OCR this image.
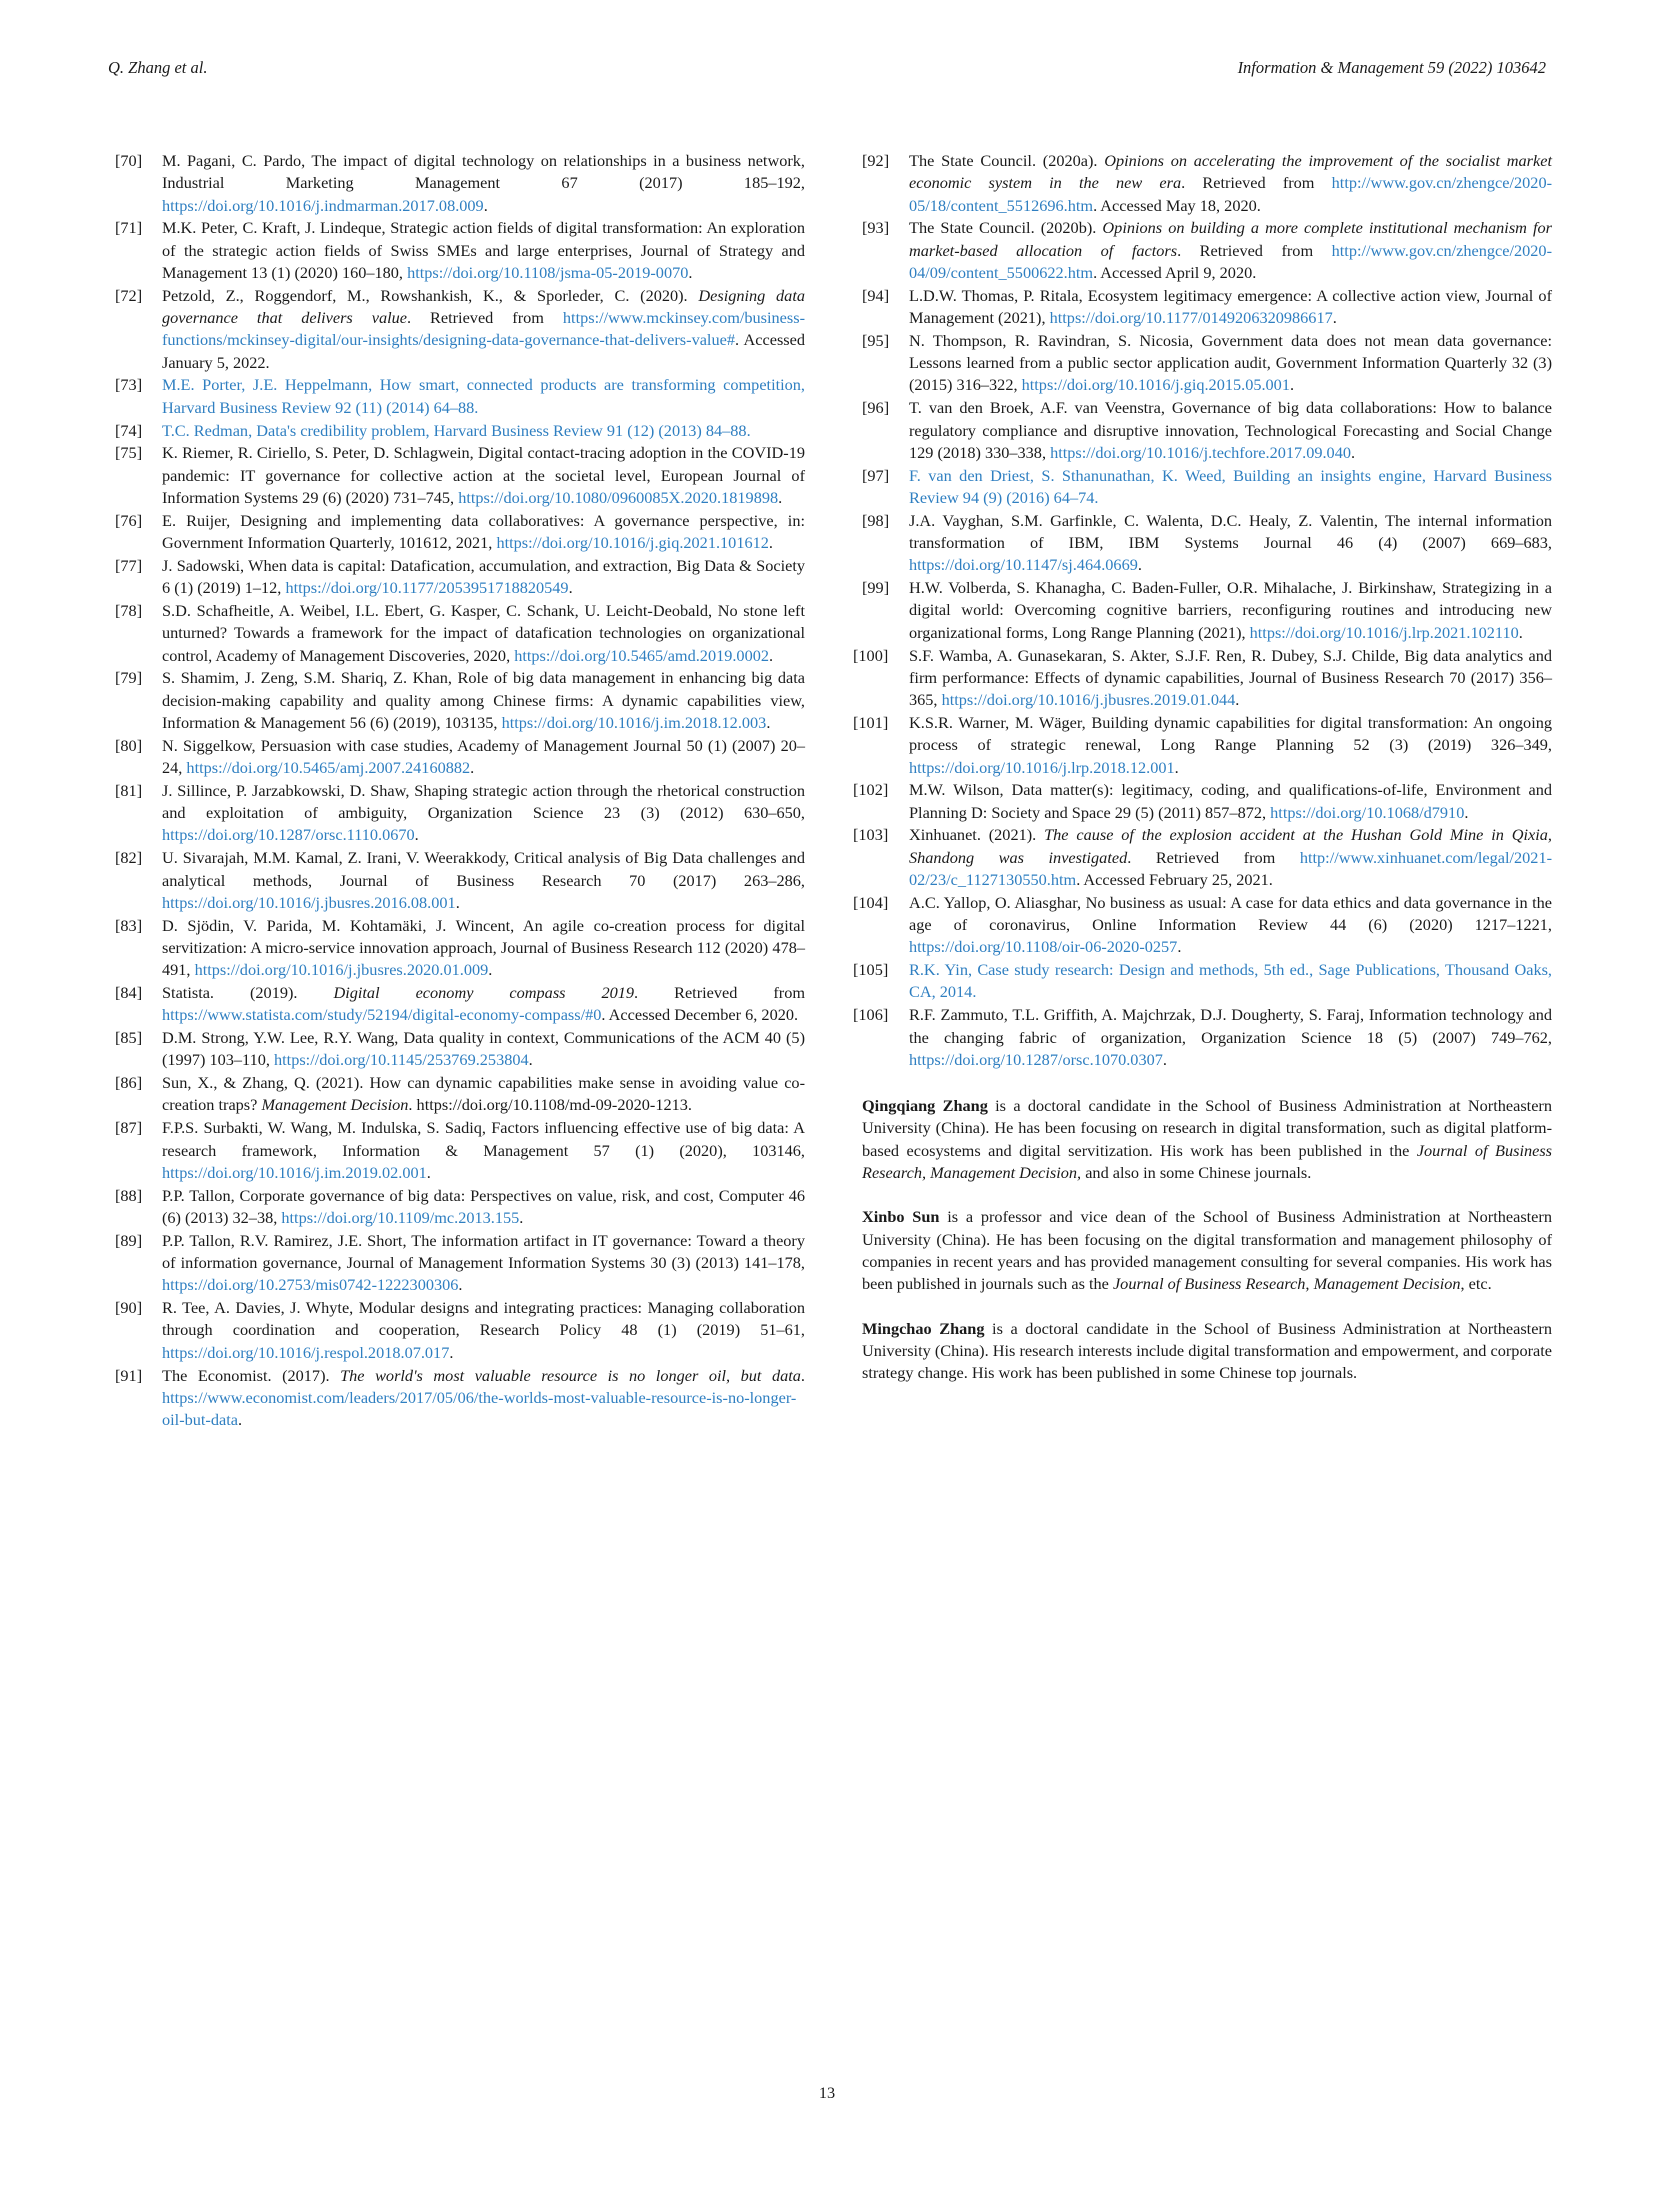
Q. Zhang et al.	Information & Management 59 (2022) 103642
[70] M. Pagani, C. Pardo, The impact of digital technology on relationships in a business network, Industrial Marketing Management 67 (2017) 185–192, https://doi.org/10.1016/j.indmarman.2017.08.009.
[71] M.K. Peter, C. Kraft, J. Lindeque, Strategic action fields of digital transformation: An exploration of the strategic action fields of Swiss SMEs and large enterprises, Journal of Strategy and Management 13 (1) (2020) 160–180, https://doi.org/10.1108/jsma-05-2019-0070.
[72] Petzold, Z., Roggendorf, M., Rowshankish, K., & Sporleder, C. (2020). Designing data governance that delivers value. Retrieved from https://www.mckinsey.com/business-functions/mckinsey-digital/our-insights/designing-data-governance-that-delivers-value#. Accessed January 5, 2022.
[73] M.E. Porter, J.E. Heppelmann, How smart, connected products are transforming competition, Harvard Business Review 92 (11) (2014) 64–88.
[74] T.C. Redman, Data's credibility problem, Harvard Business Review 91 (12) (2013) 84–88.
[75] K. Riemer, R. Ciriello, S. Peter, D. Schlagwein, Digital contact-tracing adoption in the COVID-19 pandemic: IT governance for collective action at the societal level, European Journal of Information Systems 29 (6) (2020) 731–745, https://doi.org/10.1080/0960085X.2020.1819898.
[76] E. Ruijer, Designing and implementing data collaboratives: A governance perspective, in: Government Information Quarterly, 101612, 2021, https://doi.org/10.1016/j.giq.2021.101612.
[77] J. Sadowski, When data is capital: Datafication, accumulation, and extraction, Big Data & Society 6 (1) (2019) 1–12, https://doi.org/10.1177/2053951718820549.
[78] S.D. Schafheitle, A. Weibel, I.L. Ebert, G. Kasper, C. Schank, U. Leicht-Deobald, No stone left unturned? Towards a framework for the impact of datafication technologies on organizational control, Academy of Management Discoveries, 2020, https://doi.org/10.5465/amd.2019.0002.
[79] S. Shamim, J. Zeng, S.M. Shariq, Z. Khan, Role of big data management in enhancing big data decision-making capability and quality among Chinese firms: A dynamic capabilities view, Information & Management 56 (6) (2019), 103135, https://doi.org/10.1016/j.im.2018.12.003.
[80] N. Siggelkow, Persuasion with case studies, Academy of Management Journal 50 (1) (2007) 20–24, https://doi.org/10.5465/amj.2007.24160882.
[81] J. Sillince, P. Jarzabkowski, D. Shaw, Shaping strategic action through the rhetorical construction and exploitation of ambiguity, Organization Science 23 (3) (2012) 630–650, https://doi.org/10.1287/orsc.1110.0670.
[82] U. Sivarajah, M.M. Kamal, Z. Irani, V. Weerakkody, Critical analysis of Big Data challenges and analytical methods, Journal of Business Research 70 (2017) 263–286, https://doi.org/10.1016/j.jbusres.2016.08.001.
[83] D. Sjödin, V. Parida, M. Kohtamäki, J. Wincent, An agile co-creation process for digital servitization: A micro-service innovation approach, Journal of Business Research 112 (2020) 478–491, https://doi.org/10.1016/j.jbusres.2020.01.009.
[84] Statista. (2019). Digital economy compass 2019. Retrieved from https://www.statista.com/study/52194/digital-economy-compass/#0. Accessed December 6, 2020.
[85] D.M. Strong, Y.W. Lee, R.Y. Wang, Data quality in context, Communications of the ACM 40 (5) (1997) 103–110, https://doi.org/10.1145/253769.253804.
[86] Sun, X., & Zhang, Q. (2021). How can dynamic capabilities make sense in avoiding value co-creation traps? Management Decision. https://doi.org/10.1108/md-09-2020-1213.
[87] F.P.S. Surbakti, W. Wang, M. Indulska, S. Sadiq, Factors influencing effective use of big data: A research framework, Information & Management 57 (1) (2020), 103146, https://doi.org/10.1016/j.im.2019.02.001.
[88] P.P. Tallon, Corporate governance of big data: Perspectives on value, risk, and cost, Computer 46 (6) (2013) 32–38, https://doi.org/10.1109/mc.2013.155.
[89] P.P. Tallon, R.V. Ramirez, J.E. Short, The information artifact in IT governance: Toward a theory of information governance, Journal of Management Information Systems 30 (3) (2013) 141–178, https://doi.org/10.2753/mis0742-1222300306.
[90] R. Tee, A. Davies, J. Whyte, Modular designs and integrating practices: Managing collaboration through coordination and cooperation, Research Policy 48 (1) (2019) 51–61, https://doi.org/10.1016/j.respol.2018.07.017.
[91] The Economist. (2017). The world's most valuable resource is no longer oil, but data. https://www.economist.com/leaders/2017/05/06/the-worlds-most-valuable-resource-is-no-longer-oil-but-data.
[92] The State Council. (2020a). Opinions on accelerating the improvement of the socialist market economic system in the new era. Retrieved from http://www.gov.cn/zhengce/2020-05/18/content_5512696.htm. Accessed May 18, 2020.
[93] The State Council. (2020b). Opinions on building a more complete institutional mechanism for market-based allocation of factors. Retrieved from http://www.gov.cn/zhengce/2020-04/09/content_5500622.htm. Accessed April 9, 2020.
[94] L.D.W. Thomas, P. Ritala, Ecosystem legitimacy emergence: A collective action view, Journal of Management (2021), https://doi.org/10.1177/0149206320986617.
[95] N. Thompson, R. Ravindran, S. Nicosia, Government data does not mean data governance: Lessons learned from a public sector application audit, Government Information Quarterly 32 (3) (2015) 316–322, https://doi.org/10.1016/j.giq.2015.05.001.
[96] T. van den Broek, A.F. van Veenstra, Governance of big data collaborations: How to balance regulatory compliance and disruptive innovation, Technological Forecasting and Social Change 129 (2018) 330–338, https://doi.org/10.1016/j.techfore.2017.09.040.
[97] F. van den Driest, S. Sthanunathan, K. Weed, Building an insights engine, Harvard Business Review 94 (9) (2016) 64–74.
[98] J.A. Vayghan, S.M. Garfinkle, C. Walenta, D.C. Healy, Z. Valentin, The internal information transformation of IBM, IBM Systems Journal 46 (4) (2007) 669–683, https://doi.org/10.1147/sj.464.0669.
[99] H.W. Volberda, S. Khanagha, C. Baden-Fuller, O.R. Mihalache, J. Birkinshaw, Strategizing in a digital world: Overcoming cognitive barriers, reconfiguring routines and introducing new organizational forms, Long Range Planning (2021), https://doi.org/10.1016/j.lrp.2021.102110.
[100] S.F. Wamba, A. Gunasekaran, S. Akter, S.J.F. Ren, R. Dubey, S.J. Childe, Big data analytics and firm performance: Effects of dynamic capabilities, Journal of Business Research 70 (2017) 356–365, https://doi.org/10.1016/j.jbusres.2019.01.044.
[101] K.S.R. Warner, M. Wäger, Building dynamic capabilities for digital transformation: An ongoing process of strategic renewal, Long Range Planning 52 (3) (2019) 326–349, https://doi.org/10.1016/j.lrp.2018.12.001.
[102] M.W. Wilson, Data matter(s): legitimacy, coding, and qualifications-of-life, Environment and Planning D: Society and Space 29 (5) (2011) 857–872, https://doi.org/10.1068/d7910.
[103] Xinhuanet. (2021). The cause of the explosion accident at the Hushan Gold Mine in Qixia, Shandong was investigated. Retrieved from http://www.xinhuanet.com/legal/2021-02/23/c_1127130550.htm. Accessed February 25, 2021.
[104] A.C. Yallop, O. Aliasghar, No business as usual: A case for data ethics and data governance in the age of coronavirus, Online Information Review 44 (6) (2020) 1217–1221, https://doi.org/10.1108/oir-06-2020-0257.
[105] R.K. Yin, Case study research: Design and methods, 5th ed., Sage Publications, Thousand Oaks, CA, 2014.
[106] R.F. Zammuto, T.L. Griffith, A. Majchrzak, D.J. Dougherty, S. Faraj, Information technology and the changing fabric of organization, Organization Science 18 (5) (2007) 749–762, https://doi.org/10.1287/orsc.1070.0307.

Qingqiang Zhang is a doctoral candidate in the School of Business Administration at Northeastern University (China). He has been focusing on research in digital transformation, such as digital platform-based ecosystems and digital servitization. His work has been published in the Journal of Business Research, Management Decision, and also in some Chinese journals.

Xinbo Sun is a professor and vice dean of the School of Business Administration at Northeastern University (China). He has been focusing on the digital transformation and management philosophy of companies in recent years and has provided management consulting for several companies. His work has been published in journals such as the Journal of Business Research, Management Decision, etc.

Mingchao Zhang is a doctoral candidate in the School of Business Administration at Northeastern University (China). His research interests include digital transformation and empowerment, and corporate strategy change. His work has been published in some Chinese top journals.

13
